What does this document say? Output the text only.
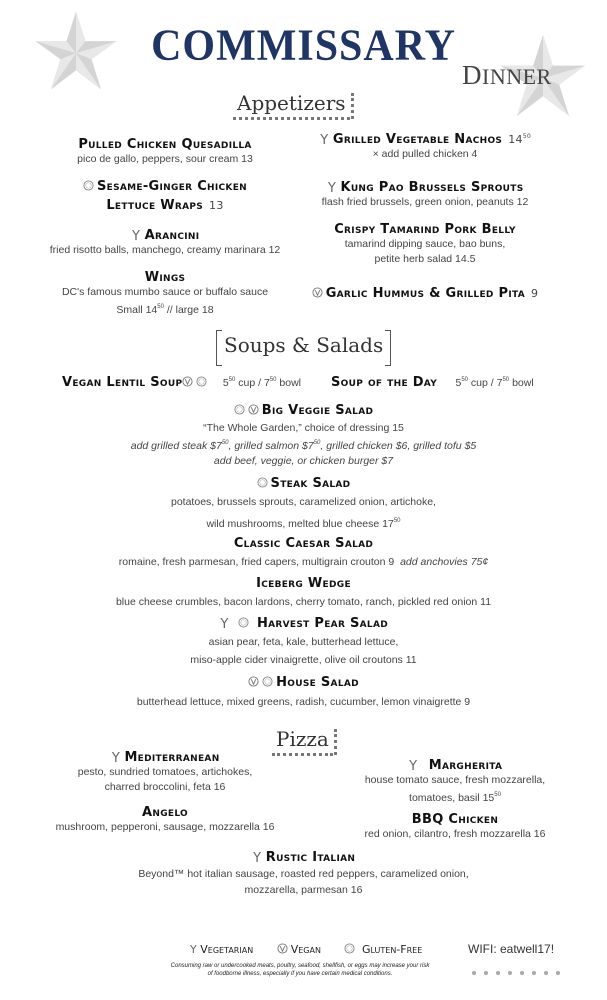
COMMISSARY
DINNER
Appetizers
Pulled Chicken Quesadilla
pico de gallo, peppers, sour cream 13
Sesame-Ginger Chicken
Lettuce Wraps 13
Y Arancini
fried risotto balls, manchego, creamy marinara 12
Wings
DC's famous mumbo sauce or buffalo sauce
Small $14^{50}$ // large 18
Y Grilled Vegetable Nachos $14^{50}$
× add pulled chicken 4
Y Kung Pao Brussels Sprouts
flash fried brussels, green onion, peanuts 12
Crispy Tamarind Pork Belly
tamarind dipping sauce, bao buns,
petite herb salad 14.5
Garlic Hummus & Grilled Pita 9
Soups & Salads
Vegan Lentil Soup	$5^{50}$ cup / $7^{50}$ bowl Soup of the Day $5^{50}$ cup / $7^{50}$ bowl
Big Veggie Salad
“The Whole Garden,” choice of dressing 15
add grilled steak $\$7^{50}$, grilled salmon $\$7^{50}$, grilled chicken $6, grilled tofu $5
add beef, veggie, or chicken burger $7
Steak Salad
potatoes, brussels sprouts, caramelized onion, artichoke,
wild mushrooms, melted blue cheese $17^{50}$
Classic Caesar Salad
romaine, fresh parmesan, fried capers, multigrain crouton 9 add anchovies 75¢
Iceberg Wedge
blue cheese crumbles, bacon lardons, cherry tomato, ranch, pickled red onion 11
Y Harvest Pear Salad
asian pear, feta, kale, butterhead lettuce,
miso-apple cider vinaigrette, olive oil croutons 11
House Salad
butterhead lettuce, mixed greens, radish, cucumber, lemon vinaigrette 9
Pizza
Y Mediterranean
pesto, sundried tomatoes, artichokes,
charred broccolini, feta 16
Angelo
mushroom, pepperoni, sausage, mozzarella 16
Y Margherita
house tomato sauce, fresh mozzarella,
tomatoes, basil $15^{50}$
BBQ Chicken
red onion, cilantro, fresh mozzarella 16
Y Rustic Italian
Beyond™ hot italian sausage, roasted red peppers, caramelized onion,
mozzarella, parmesan 16
Y Vegetarian	Vegan	Gluten-Free
Consuming raw or undercooked meats, poultry, seafood, shellfish, or eggs may increase your risk of foodborne illness, especially if you have certain medical conditions.
WIFI: eatwell17!
